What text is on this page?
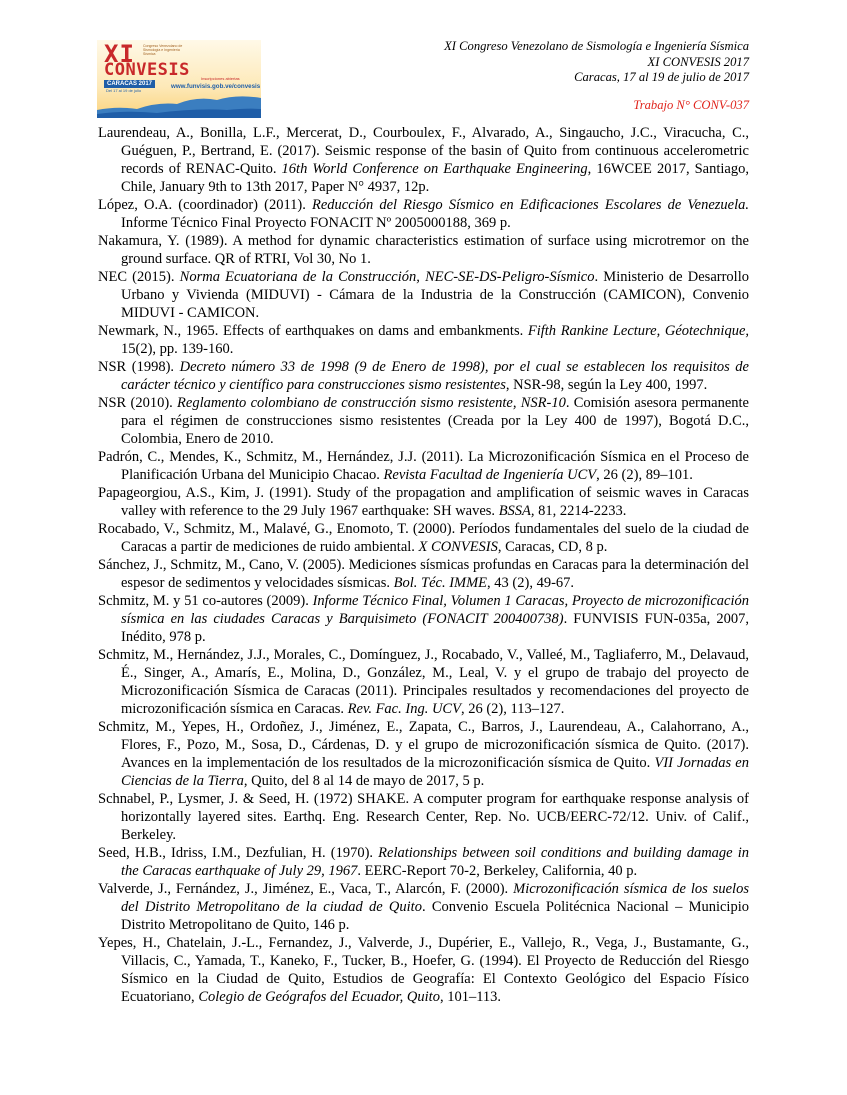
XI Congreso Venezolano de Sismología e Ingeniería Sísmica
CONVESIS
CARACAS 2017
Del 17 al 19 de julio
Inscripciones abiertas
www.funvisis.gob.ve/convesis
XI Congreso Venezolano de Sismología e Ingeniería Sísmica
XI CONVESIS 2017
Caracas, 17 al 19 de julio de 2017
Trabajo N° CONV-037

Laurendeau, A., Bonilla, L.F., Mercerat, D., Courboulex, F., Alvarado, A., Singaucho, J.C., Viracucha, C., Guéguen, P., Bertrand, E. (2017). Seismic response of the basin of Quito from continuous accelerometric records of RENAC-Quito. 16th World Conference on Earthquake Engineering, 16WCEE 2017, Santiago, Chile, January 9th to 13th 2017, Paper N° 4937, 12p.

López, O.A. (coordinador) (2011). Reducción del Riesgo Sísmico en Edificaciones Escolares de Venezuela. Informe Técnico Final Proyecto FONACIT Nº 2005000188, 369 p.

Nakamura, Y. (1989). A method for dynamic characteristics estimation of surface using microtremor on the ground surface. QR of RTRI, Vol 30, No 1.

NEC (2015). Norma Ecuatoriana de la Construcción, NEC-SE-DS-Peligro-Sísmico. Ministerio de Desarrollo Urbano y Vivienda (MIDUVI) - Cámara de la Industria de la Construcción (CAMICON), Convenio MIDUVI - CAMICON.

Newmark, N., 1965. Effects of earthquakes on dams and embankments. Fifth Rankine Lecture, Géotechnique, 15(2), pp. 139-160.

NSR (1998). Decreto número 33 de 1998 (9 de Enero de 1998), por el cual se establecen los requisitos de carácter técnico y científico para construcciones sismo resistentes, NSR-98, según la Ley 400, 1997.

NSR (2010). Reglamento colombiano de construcción sismo resistente, NSR-10. Comisión asesora permanente para el régimen de construcciones sismo resistentes (Creada por la Ley 400 de 1997), Bogotá D.C., Colombia, Enero de 2010.

Padrón, C., Mendes, K., Schmitz, M., Hernández, J.J. (2011). La Microzonificación Sísmica en el Proceso de Planificación Urbana del Municipio Chacao. Revista Facultad de Ingeniería UCV, 26 (2), 89–101.

Papageorgiou, A.S., Kim, J. (1991). Study of the propagation and amplification of seismic waves in Caracas valley with reference to the 29 July 1967 earthquake: SH waves. BSSA, 81, 2214-2233.

Rocabado, V., Schmitz, M., Malavé, G., Enomoto, T. (2000). Períodos fundamentales del suelo de la ciudad de Caracas a partir de mediciones de ruido ambiental. X CONVESIS, Caracas, CD, 8 p.

Sánchez, J., Schmitz, M., Cano, V. (2005). Mediciones sísmicas profundas en Caracas para la determinación del espesor de sedimentos y velocidades sísmicas. Bol. Téc. IMME, 43 (2), 49-67.

Schmitz, M. y 51 co-autores (2009). Informe Técnico Final, Volumen 1 Caracas, Proyecto de microzonificación sísmica en las ciudades Caracas y Barquisimeto (FONACIT 200400738). FUNVISIS FUN-035a, 2007, Inédito, 978 p.

Schmitz, M., Hernández, J.J., Morales, C., Domínguez, J., Rocabado, V., Valleé, M., Tagliaferro, M., Delavaud, É., Singer, A., Amarís, E., Molina, D., González, M., Leal, V. y el grupo de trabajo del proyecto de Microzonificación Sísmica de Caracas (2011). Principales resultados y recomendaciones del proyecto de microzonificación sísmica en Caracas. Rev. Fac. Ing. UCV, 26 (2), 113–127.

Schmitz, M., Yepes, H., Ordoñez, J., Jiménez, E., Zapata, C., Barros, J., Laurendeau, A., Calahorrano, A., Flores, F., Pozo, M., Sosa, D., Cárdenas, D. y el grupo de microzonificación sísmica de Quito. (2017). Avances en la implementación de los resultados de la microzonificación sísmica de Quito. VII Jornadas en Ciencias de la Tierra, Quito, del 8 al 14 de mayo de 2017, 5 p.

Schnabel, P., Lysmer, J. & Seed, H. (1972) SHAKE. A computer program for earthquake response analysis of horizontally layered sites. Earthq. Eng. Research Center, Rep. No. UCB/EERC-72/12. Univ. of Calif., Berkeley.

Seed, H.B., Idriss, I.M., Dezfulian, H. (1970). Relationships between soil conditions and building damage in the Caracas earthquake of July 29, 1967. EERC-Report 70-2, Berkeley, California, 40 p.

Valverde, J., Fernández, J., Jiménez, E., Vaca, T., Alarcón, F. (2000). Microzonificación sísmica de los suelos del Distrito Metropolitano de la ciudad de Quito. Convenio Escuela Politécnica Nacional – Municipio Distrito Metropolitano de Quito, 146 p.

Yepes, H., Chatelain, J.-L., Fernandez, J., Valverde, J., Dupérier, E., Vallejo, R., Vega, J., Bustamante, G., Villacis, C., Yamada, T., Kaneko, F., Tucker, B., Hoefer, G. (1994). El Proyecto de Reducción del Riesgo Sísmico en la Ciudad de Quito, Estudios de Geografía: El Contexto Geológico del Espacio Físico Ecuatoriano, Colegio de Geógrafos del Ecuador, Quito, 101–113.
